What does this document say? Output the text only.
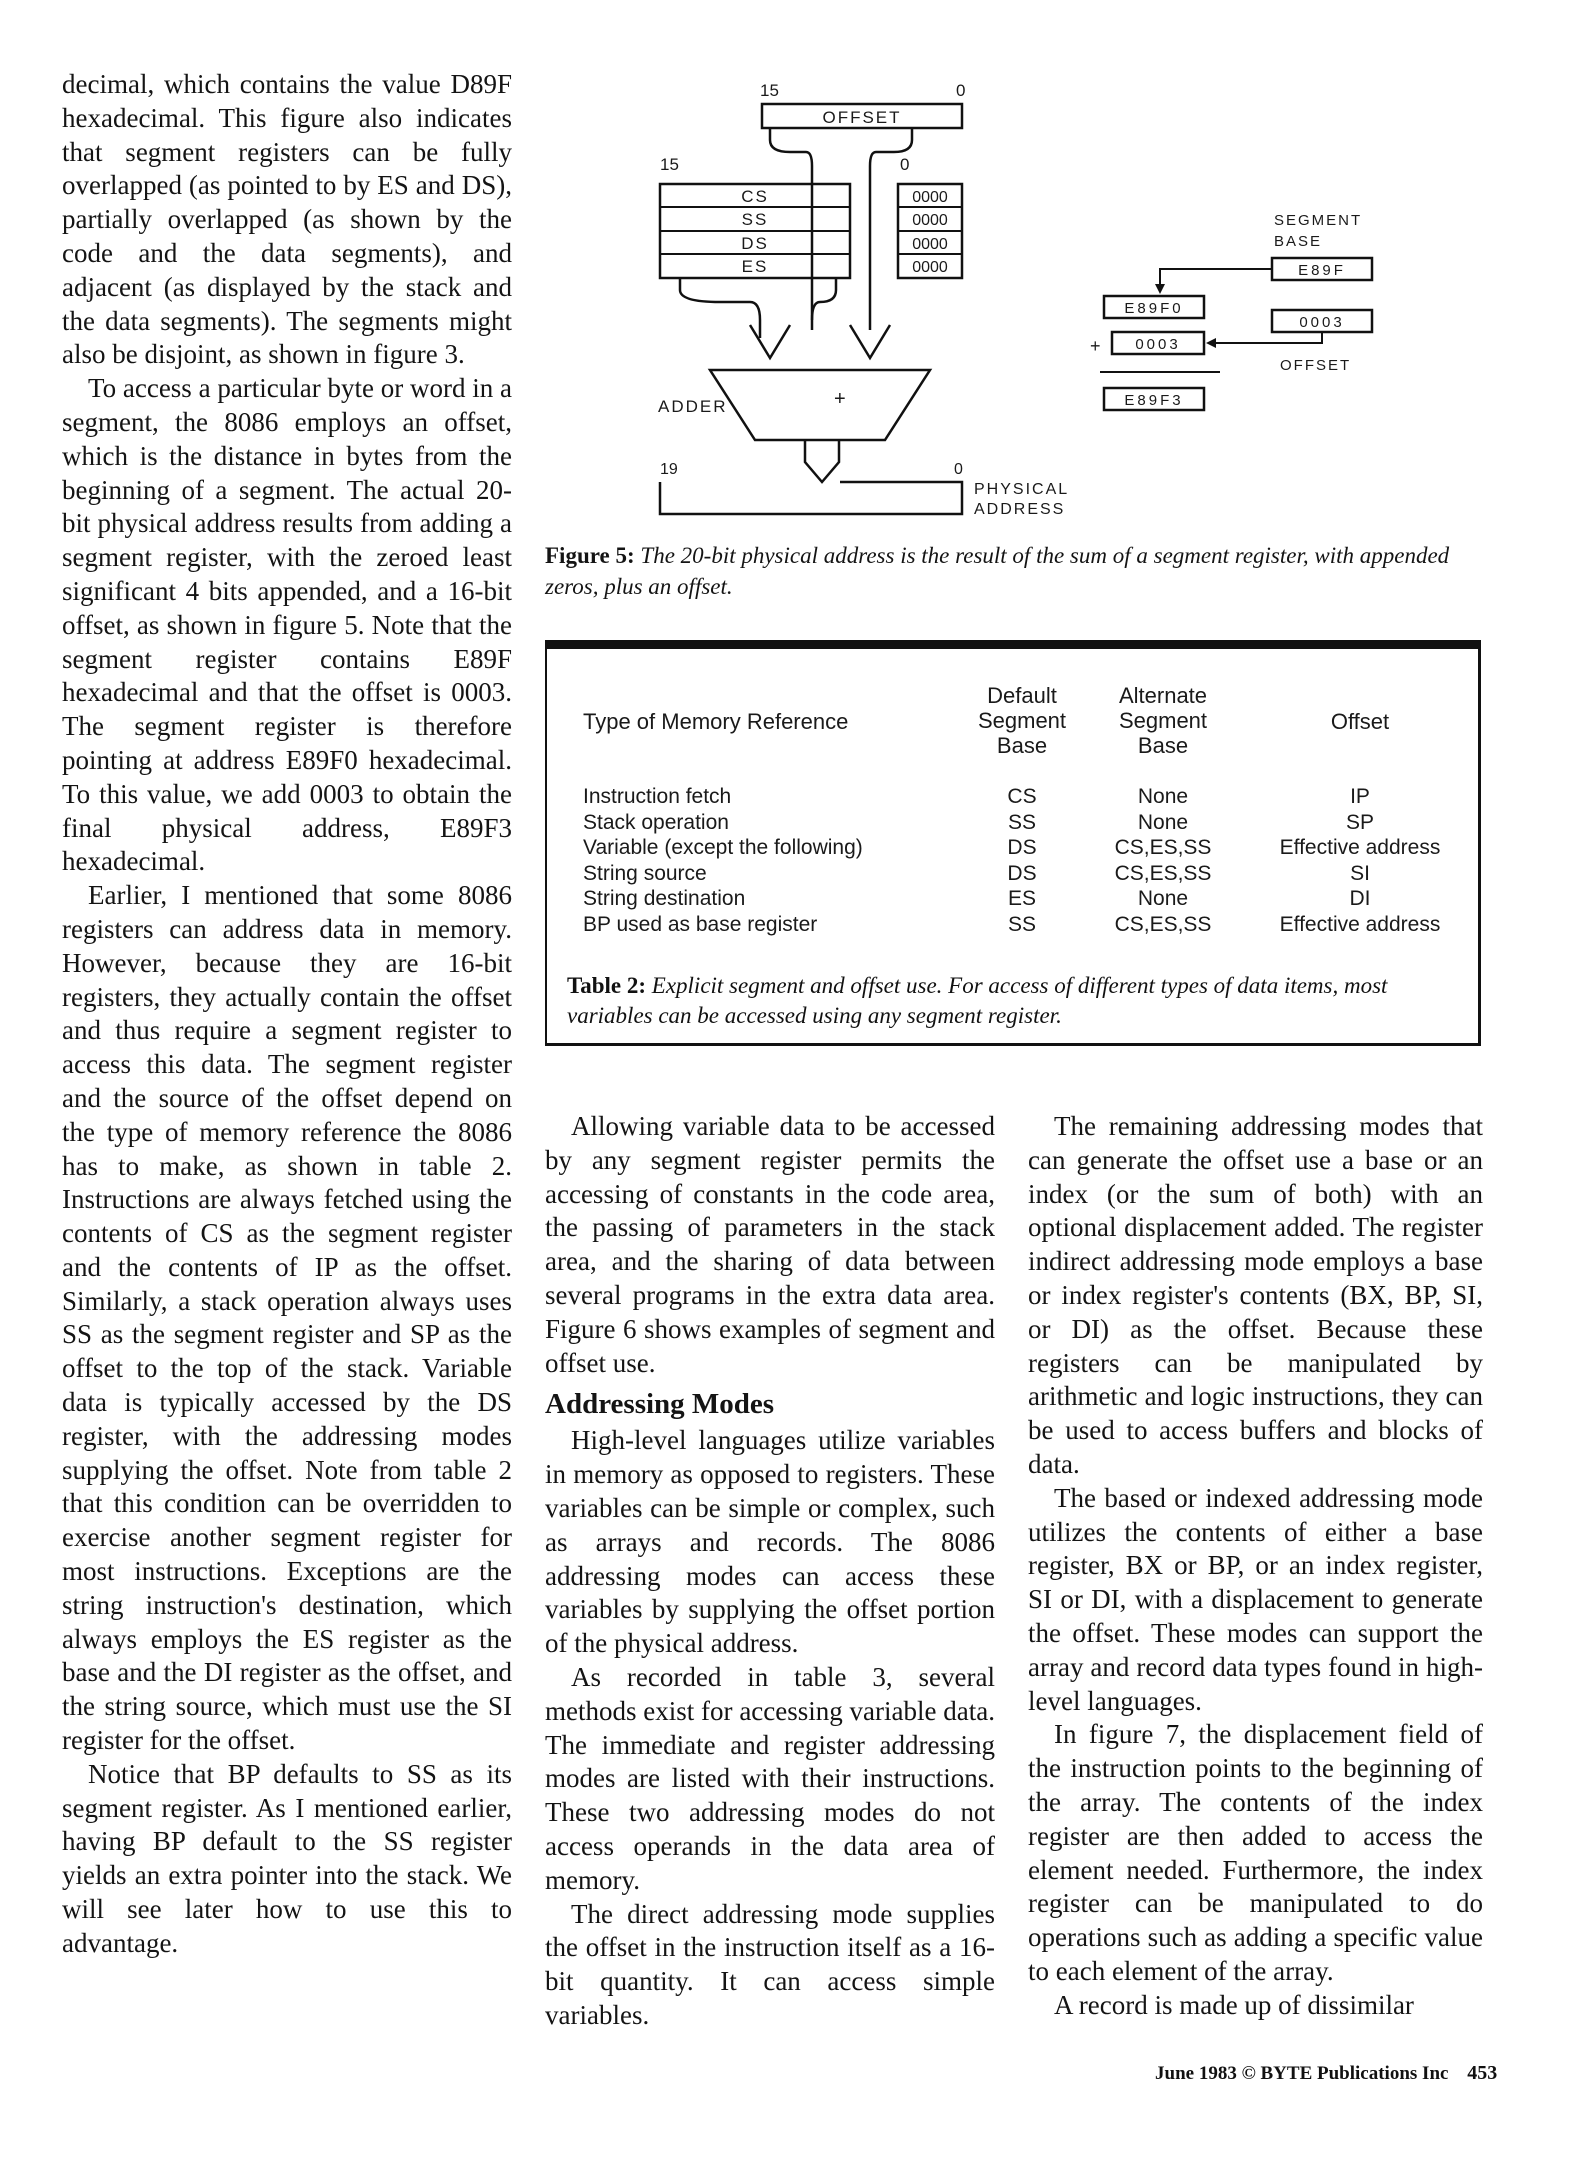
decimal, which contains the value D89F hexadecimal. This figure also indicates that segment registers can be fully overlapped (as pointed to by ES and DS), partially overlapped (as shown by the code and the data segments), and adjacent (as displayed by the stack and the data segments). The segments might also be disjoint, as shown in figure 3.

To access a particular byte or word in a segment, the 8086 employs an offset, which is the distance in bytes from the beginning of a segment. The actual 20-bit physical address results from adding a segment register, with the zeroed least significant 4 bits appended, and a 16-bit offset, as shown in figure 5. Note that the segment register contains E89F hexadecimal and that the offset is 0003. The segment register is therefore pointing at address E89F0 hexadecimal. To this value, we add 0003 to obtain the final physical address, E89F3 hexadecimal.

Earlier, I mentioned that some 8086 registers can address data in memory. However, because they are 16-bit registers, they actually contain the offset and thus require a segment register to access this data. The segment register and the source of the offset depend on the type of memory reference the 8086 has to make, as shown in table 2. Instructions are always fetched using the contents of CS as the segment register and the contents of IP as the offset. Similarly, a stack operation always uses SS as the segment register and SP as the offset to the top of the stack. Variable data is typically accessed by the DS register, with the addressing modes supplying the offset. Note from table 2 that this condition can be overridden to exercise another segment register for most instructions. Exceptions are the string instruction's destination, which always employs the ES register as the base and the DI register as the offset, and the string source, which must use the SI register for the offset.

Notice that BP defaults to SS as its segment register. As I mentioned earlier, having BP default to the SS register yields an extra pointer into the stack. We will see later how to use this to advantage.

15	0
OFFSET
15	0
CS
SS
DS
ES
0000
0000
0000
0000
ADDER	+
19	0
PHYSICAL
ADDRESS
SEGMENT
BASE
E89F
E89F0
0003
+ 0003
OFFSET
E89F3
Figure 5: The 20-bit physical address is the result of the sum of a segment register, with appended zeros, plus an offset.
Type of Memory Reference
Default
Segment
Base
Alternate
Segment
Base
Offset
Instruction fetch	CS	None	IP
Stack operation	SS	None	SP
Variable (except the following)	DS	CS,ES,SS	Effective address
String source	DS	CS,ES,SS	SI
String destination	ES	None	DI
BP used as base register	SS	CS,ES,SS	Effective address
Table 2: Explicit segment and offset use. For access of different types of data items, most variables can be accessed using any segment register.

Allowing variable data to be accessed by any segment register permits the accessing of constants in the code area, the passing of parameters in the stack area, and the sharing of data between several programs in the extra data area. Figure 6 shows examples of segment and offset use.

Addressing Modes

High-level languages utilize variables in memory as opposed to registers. These variables can be simple or complex, such as arrays and records. The 8086 addressing modes can access these variables by supplying the offset portion of the physical address.

As recorded in table 3, several methods exist for accessing variable data. The immediate and register addressing modes are listed with their instructions. These two addressing modes do not access operands in the data area of memory.

The direct addressing mode supplies the offset in the instruction itself as a 16-bit quantity. It can access simple variables.

The remaining addressing modes that can generate the offset use a base or an index (or the sum of both) with an optional displacement added. The register indirect addressing mode employs a base or index register's contents (BX, BP, SI, or DI) as the offset. Because these registers can be manipulated by arithmetic and logic instructions, they can be used to access buffers and blocks of data.

The based or indexed addressing mode utilizes the contents of either a base register, BX or BP, or an index register, SI or DI, with a displacement to generate the offset. These modes can support the array and record data types found in high-level languages.

In figure 7, the displacement field of the instruction points to the beginning of the array. The contents of the index register are then added to access the element needed. Furthermore, the index register can be manipulated to do operations such as adding a specific value to each element of the array.

A record is made up of dissimilar

June 1983 © BYTE Publications Inc 453
